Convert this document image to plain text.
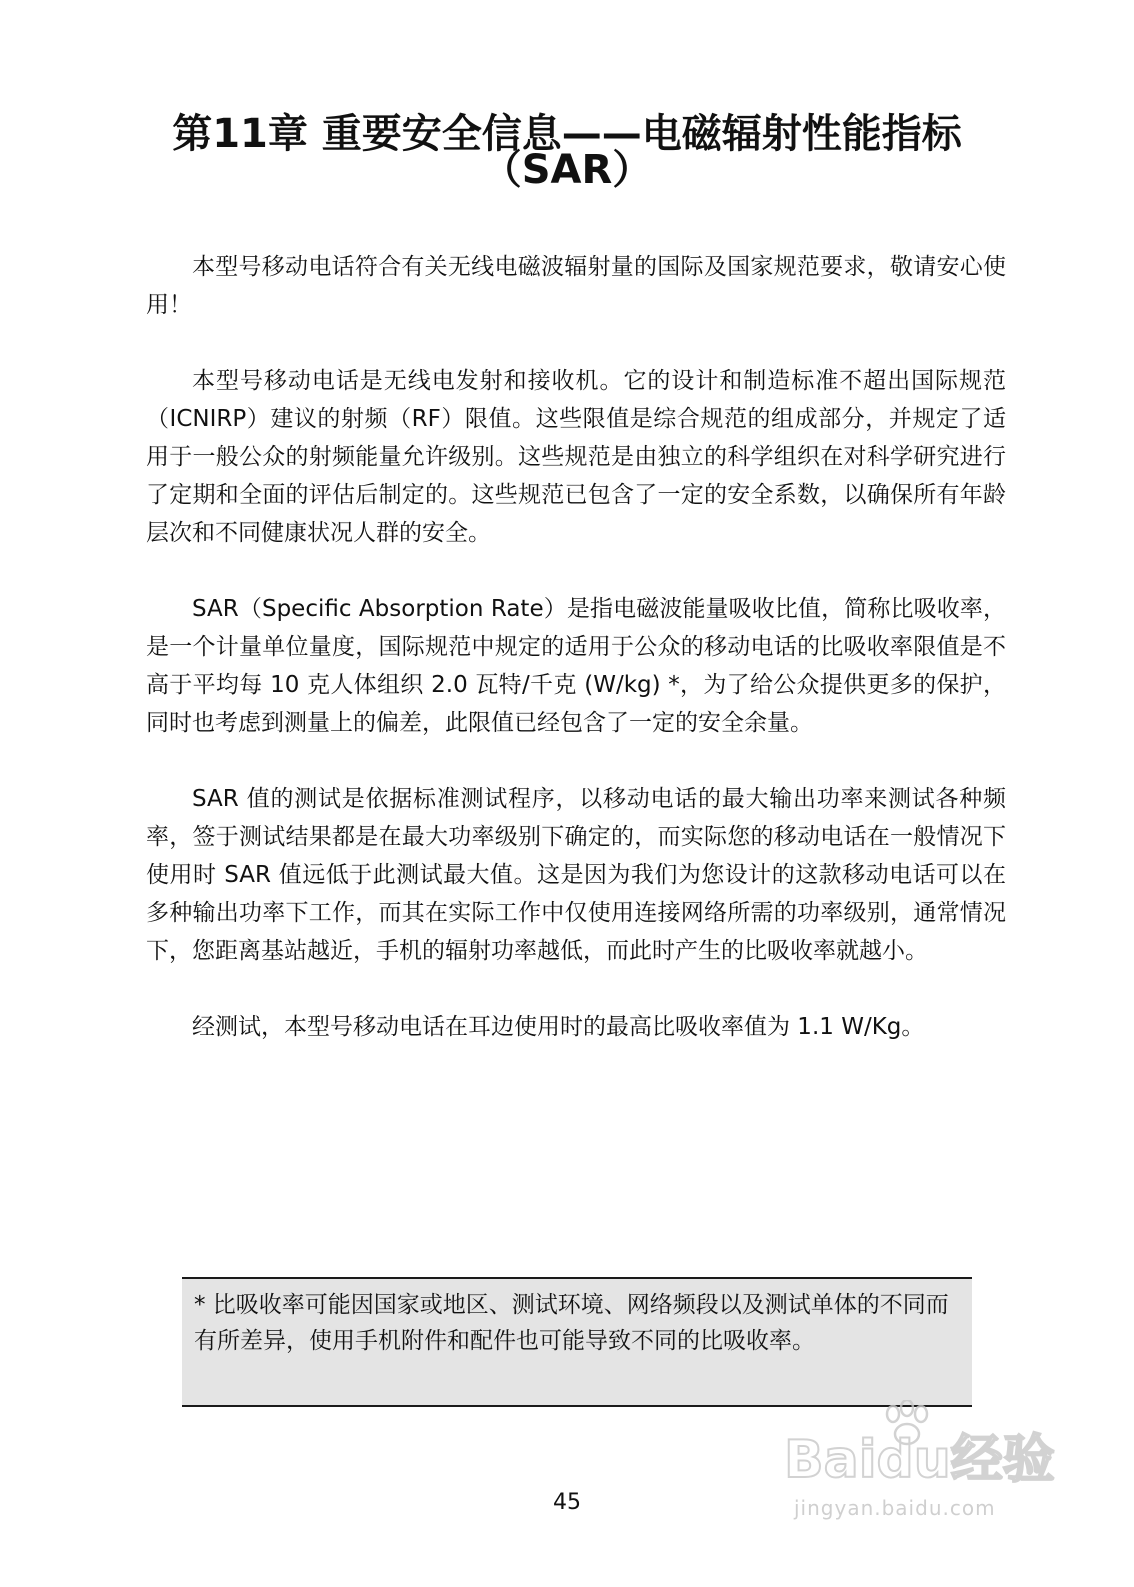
第11章 重要安全信息——电磁辐射性能指标
（SAR）

本型号移动电话符合有关无线电磁波辐射量的国际及国家规范要求，敬请安心使用！

本型号移动电话是无线电发射和接收机。它的设计和制造标准不超出国际规范（ICNIRP）建议的射频（RF）限值。这些限值是综合规范的组成部分，并规定了适用于一般公众的射频能量允许级别。这些规范是由独立的科学组织在对科学研究进行了定期和全面的评估后制定的。这些规范已包含了一定的安全系数，以确保所有年龄层次和不同健康状况人群的安全。

SAR（Specific Absorption Rate）是指电磁波能量吸收比值，简称比吸收率，是一个计量单位量度，国际规范中规定的适用于公众的移动电话的比吸收率限值是不高于平均每 10 克人体组织 2.0 瓦特/千克 (W/kg) *，为了给公众提供更多的保护，同时也考虑到测量上的偏差，此限值已经包含了一定的安全余量。

SAR 值的测试是依据标准测试程序，以移动电话的最大输出功率来测试各种频率，签于测试结果都是在最大功率级别下确定的，而实际您的移动电话在一般情况下使用时 SAR 值远低于此测试最大值。这是因为我们为您设计的这款移动电话可以在多种输出功率下工作，而其在实际工作中仅使用连接网络所需的功率级别，通常情况下，您距离基站越近，手机的辐射功率越低，而此时产生的比吸收率就越小。

经测试，本型号移动电话在耳边使用时的最高比吸收率值为 1.1 W/Kg。

* 比吸收率可能因国家或地区、测试环境、网络频段以及测试单体的不同而有所差异，使用手机附件和配件也可能导致不同的比吸收率。
45
Baidu经验
jingyan.baidu.com
